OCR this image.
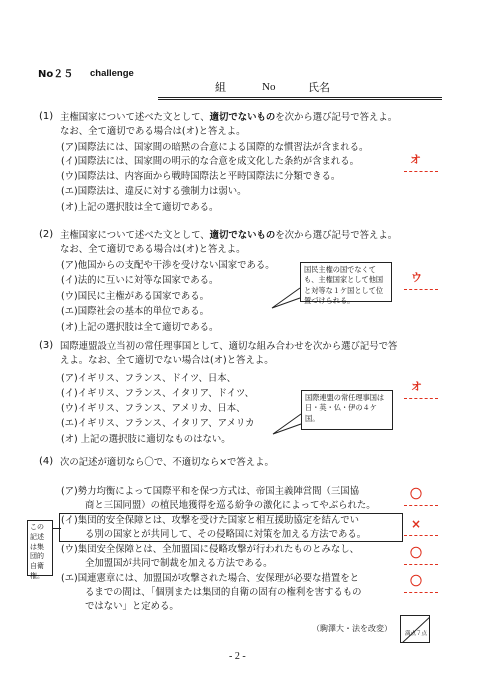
No２５ challenge
組	No	氏名
(1) 主権国家について述べた文として、適切でないものを次から選び記号で答えよ。
なお、全て適切である場合は(オ)と答えよ。
(ア)国際法には、国家間の暗黙の合意による国際的な慣習法が含まれる。
(イ)国際法には、国家間の明示的な合意を成文化した条約が含まれる。
(ウ)国際法は、内容面から戦時国際法と平時国際法に分類できる。
(エ)国際法は、違反に対する強制力は弱い。
(オ)上記の選択肢は全て適切である。
オ
(2) 主権国家について述べた文として、適切でないものを次から選び記号で答えよ。
なお、全て適切である場合は(オ)と答えよ。
(ア)他国からの支配や干渉を受けない国家である。
(イ)法的に互いに対等な国家である。
(ウ)国民に主権がある国家である。
(エ)国際社会の基本的単位である。
(オ)上記の選択肢は全て適切である。
国民主権の国でなくても、主権国家として他国と対等な１ケ国として位置づけられる。
ウ
(3) 国際連盟設立当初の常任理事国として、適切な組み合わせを次から選び記号で答
えよ。なお、全て適切でない場合は(オ)と答えよ。
(ア)イギリス、フランス、ドイツ、日本、
(イ)イギリス、フランス、イタリア、ドイツ、
(ウ)イギリス、フランス、アメリカ、日本、
(エ)イギリス、フランス、イタリア、アメリカ
(オ) 上記の選択肢に適切なものはない。
国際連盟の常任理事国は日・英・仏・伊の４ケ国。
オ
(4) 次の記述が適切なら〇で、不適切なら×で答えよ。
(ア)勢力均衡によって国際平和を保つ方式は、帝国主義陣営間（三国協
商と三国同盟）の植民地獲得を巡る紛争の激化によってやぶられた。
(イ)集団的安全保障とは、攻撃を受けた国家と相互援助協定を結んでい
る別の国家とが共同して、その侵略国に対策を加える方法である。
(ウ)集団安全保障とは、全加盟国に侵略攻撃が行われたものとみなし、
全加盟国が共同で制裁を加える方法である。
(エ)国連憲章には、加盟国が攻撃された場合、安保理が必要な措置をと
るまでの間は、「個別または集団的自衛の固有の権利を害するもの
ではない」と定める。
この記述は集団的自衛権。
〇
×
〇
〇
（駒澤大・法を改変）
満点７点
- 2 -
